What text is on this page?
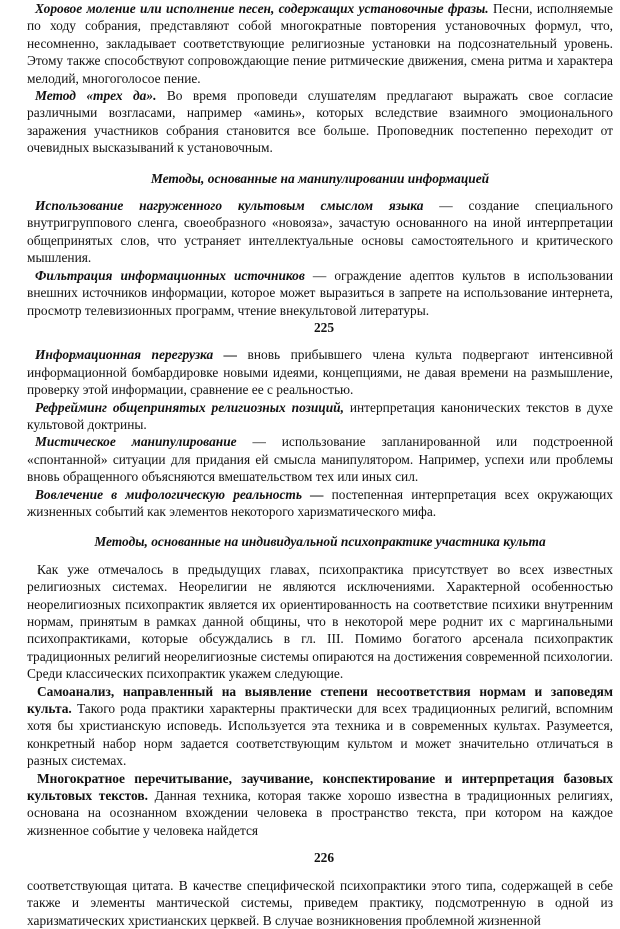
Хоровое моление или исполнение песен, содержащих установочные фразы. Песни, исполняемые по ходу собрания, представляют собой многократные повторения установочных формул, что, несомненно, закладывает соответствующие религиозные установки на подсознательный уровень. Этому также способствуют сопровождающие пение ритмические движения, смена ритма и характера мелодий, многоголосое пение.

Метод «трех да». Во время проповеди слушателям предлагают выражать свое согласие различными возгласами, например «аминь», которых вследствие взаимного эмоционального заражения участников собрания становится все больше. Проповедник постепенно переходит от очевидных высказываний к установочным.

Методы, основанные на манипулировании информацией

Использование нагруженного культовым смыслом языка — создание специального внутригруппового сленга, своеобразного «новояза», зачастую основанного на иной интерпретации общепринятых слов, что устраняет интеллектуальные основы самостоятельного и критического мышления.

Фильтрация информационных источников — ограждение адептов культов в использовании внешних источников информации, которое может выразиться в запрете на использование интернета, просмотр телевизионных программ, чтение внекультовой литературы.

225

Информационная перегрузка — вновь прибывшего члена культа подвергают интенсивной информационной бомбардировке новыми идеями, концепциями, не давая времени на размышление, проверку этой информации, сравнение ее с реальностью.

Рефрейминг общепринятых религиозных позиций, интерпретация канонических текстов в духе культовой доктрины.

Мистическое манипулирование — использование запланированной или подстроенной «спонтанной» ситуации для придания ей смысла манипулятором. Например, успехи или проблемы вновь обращенного объясняются вмешательством тех или иных сил.

Вовлечение в мифологическую реальность — постепенная интерпретация всех окружающих жизненных событий как элементов некоторого харизматического мифа.

Методы, основанные на индивидуальной психопрактике участника культа

Как уже отмечалось в предыдущих главах, психопрактика присутствует во всех известных религиозных системах. Неорелигии не являются исключениями. Характерной особенностью неорелигиозных психопрактик является их ориентированность на соответствие психики внутренним нормам, принятым в рамках данной общины, что в некоторой мере роднит их с маргинальными психопрактиками, которые обсуждались в гл. III. Помимо богатого арсенала психопрактик традиционных религий неорелигиозные системы опираются на достижения современной психологии. Среди классических психопрактик укажем следующие.

Самоанализ, направленный на выявление степени несоответствия нормам и заповедям культа. Такого рода практики характерны практически для всех традиционных религий, вспомним хотя бы христианскую исповедь. Используется эта техника и в современных культах. Разумеется, конкретный набор норм задается соответствующим культом и может значительно отличаться в разных системах.

Многократное перечитывание, заучивание, конспектирование и интерпретация базовых культовых текстов. Данная техника, которая также хорошо известна в традиционных религиях, основана на осознанном вхождении человека в пространство текста, при котором на каждое жизненное событие у человека найдется

226

соответствующая цитата. В качестве специфической психопрактики этого типа, содержащей в себе также и элементы мантической системы, приведем практику, подсмотренную в одной из харизматических христианских церквей. В случае возникновения проблемной жизненной
